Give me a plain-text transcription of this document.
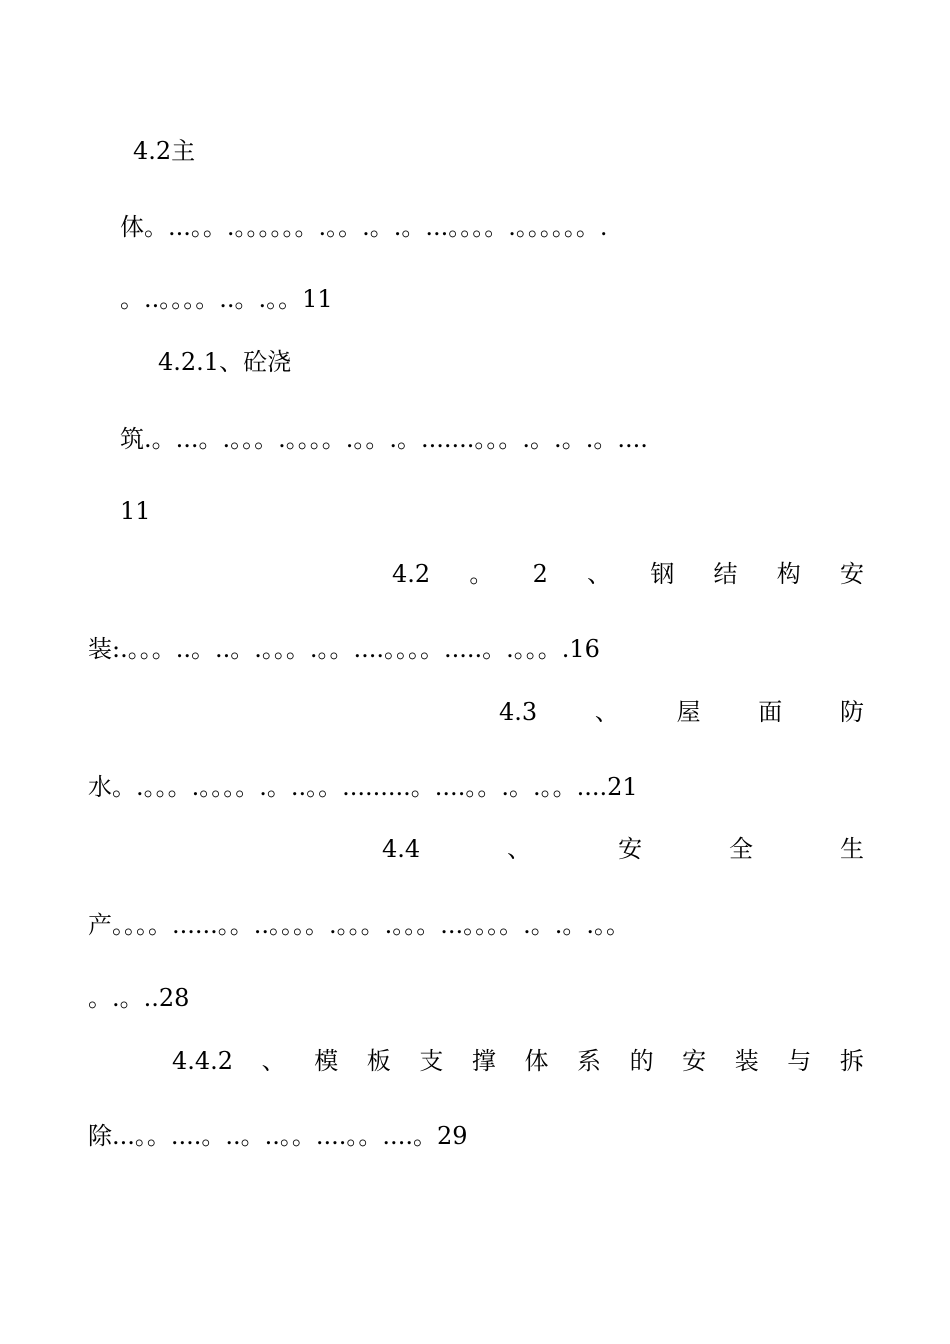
4.2主
体。...。。.。。。。。。.。。.。.。...。。。。.。。。。。。.
。..。。。。..。.。。11
4.2.1、砼浇
筑.。...。.。。。.。。。。.。。.。.......。。。.。.。.。....
11
4.2 。 2 、 钢 结 构 安
装:.。。。..。..。.。。。.。。....。。。。.....。.。。。.16
4.3 、 屋 面 防
水。.。。。.。。。。.。..。。.........。....。。.。.。。....21
4.4	、	安	全	生
产。。。。......。。..。。。。.。。。.。。。...。。。。.。.。.。。
。.。..28
4.4.2 、 模 板 支 撑 体 系 的 安 装 与 拆
除...。。....。..。..。。....。。....。29
